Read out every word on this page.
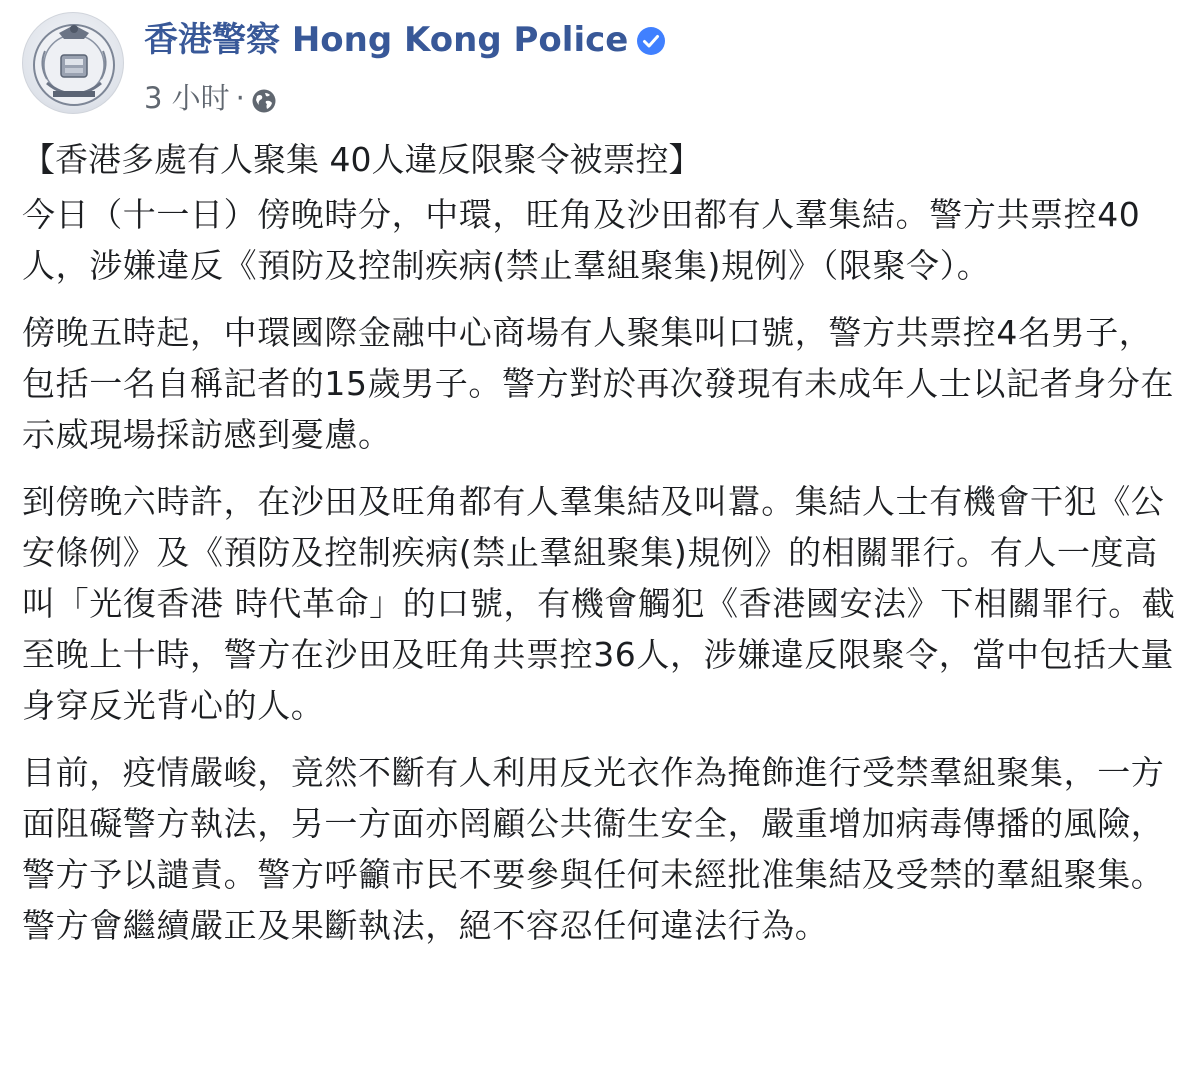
香港警察 Hong Kong Police
3 小时 ·

【香港多處有人聚集 40人違反限聚令被票控】

今日（十一日）傍晚時分，中環，旺角及沙田都有人羣集結。警方共票控40人，涉嫌違反《預防及控制疾病(禁止羣組聚集)規例》（限聚令）。

傍晚五時起，中環國際金融中心商場有人聚集叫口號，警方共票控4名男子，包括一名自稱記者的15歲男子。警方對於再次發現有未成年人士以記者身分在示威現場採訪感到憂慮。

到傍晚六時許，在沙田及旺角都有人羣集結及叫囂。集結人士有機會干犯《公安條例》及《預防及控制疾病(禁止羣組聚集)規例》的相關罪行。有人一度高叫「光復香港 時代革命」的口號，有機會觸犯《香港國安法》下相關罪行。截至晚上十時，警方在沙田及旺角共票控36人，涉嫌違反限聚令，當中包括大量身穿反光背心的人。

目前，疫情嚴峻，竟然不斷有人利用反光衣作為掩飾進行受禁羣組聚集，一方面阻礙警方執法，另一方面亦罔顧公共衞生安全，嚴重增加病毒傳播的風險，警方予以譴責。警方呼籲市民不要參與任何未經批准集結及受禁的羣組聚集。警方會繼續嚴正及果斷執法，絕不容忍任何違法行為。
